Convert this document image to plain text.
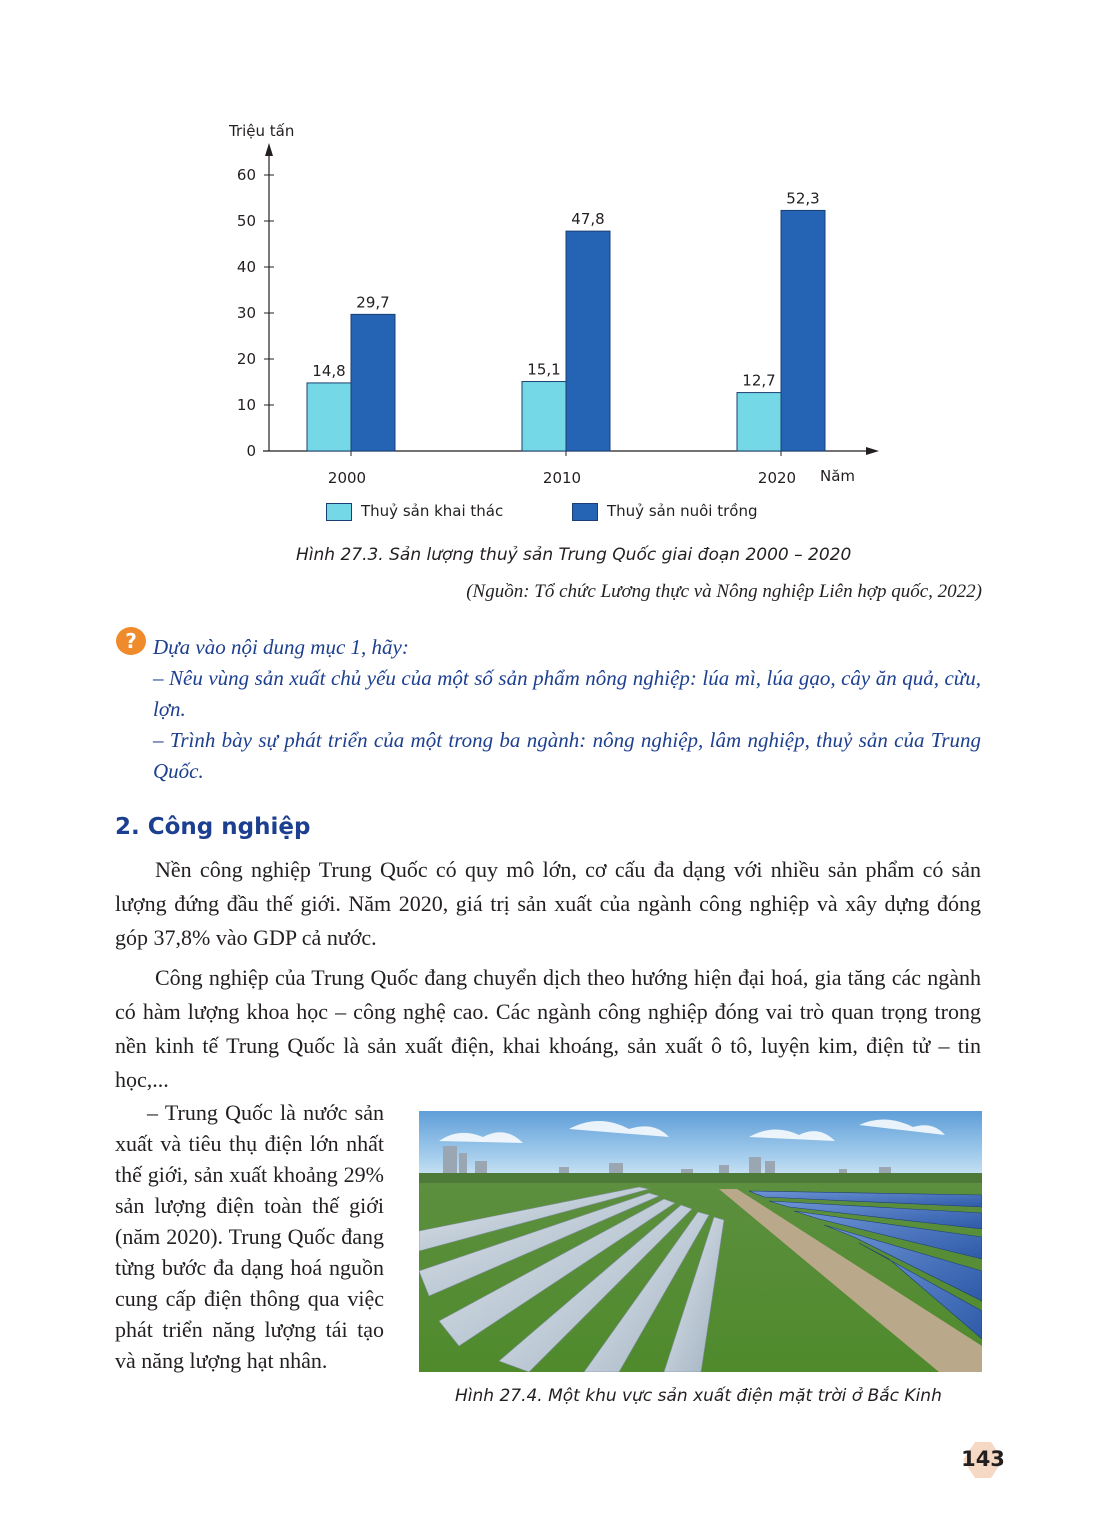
0
10
20
30
40
50
60
Triệu tấn
Năm
2000
14,8
29,7
2010
15,1
47,8
2020
12,7
52,3
Thuỷ sản khai thác	Thuỷ sản nuôi trồng
Hình 27.3. Sản lượng thuỷ sản Trung Quốc giai đoạn 2000 – 2020
(Nguồn: Tổ chức Lương thực và Nông nghiệp Liên hợp quốc, 2022)
? Dựa vào nội dung mục 1, hãy:
– Nêu vùng sản xuất chủ yếu của một số sản phẩm nông nghiệp: lúa mì, lúa gạo, cây ăn quả, cừu, lợn.
– Trình bày sự phát triển của một trong ba ngành: nông nghiệp, lâm nghiệp, thuỷ sản của Trung Quốc.
2. Công nghiệp

Nền công nghiệp Trung Quốc có quy mô lớn, cơ cấu đa dạng với nhiều sản phẩm có sản lượng đứng đầu thế giới. Năm 2020, giá trị sản xuất của ngành công nghiệp và xây dựng đóng góp 37,8% vào GDP cả nước.

Công nghiệp của Trung Quốc đang chuyển dịch theo hướng hiện đại hoá, gia tăng các ngành có hàm lượng khoa học – công nghệ cao. Các ngành công nghiệp đóng vai trò quan trọng trong nền kinh tế Trung Quốc là sản xuất điện, khai khoáng, sản xuất ô tô, luyện kim, điện tử – tin học,...

– Trung Quốc là nước sản xuất và tiêu thụ điện lớn nhất thế giới, sản xuất khoảng 29% sản lượng điện toàn thế giới (năm 2020). Trung Quốc đang từng bước đa dạng hoá nguồn cung cấp điện thông qua việc phát triển năng lượng tái tạo và năng lượng hạt nhân.
Hình 27.4. Một khu vực sản xuất điện mặt trời ở Bắc Kinh
143
